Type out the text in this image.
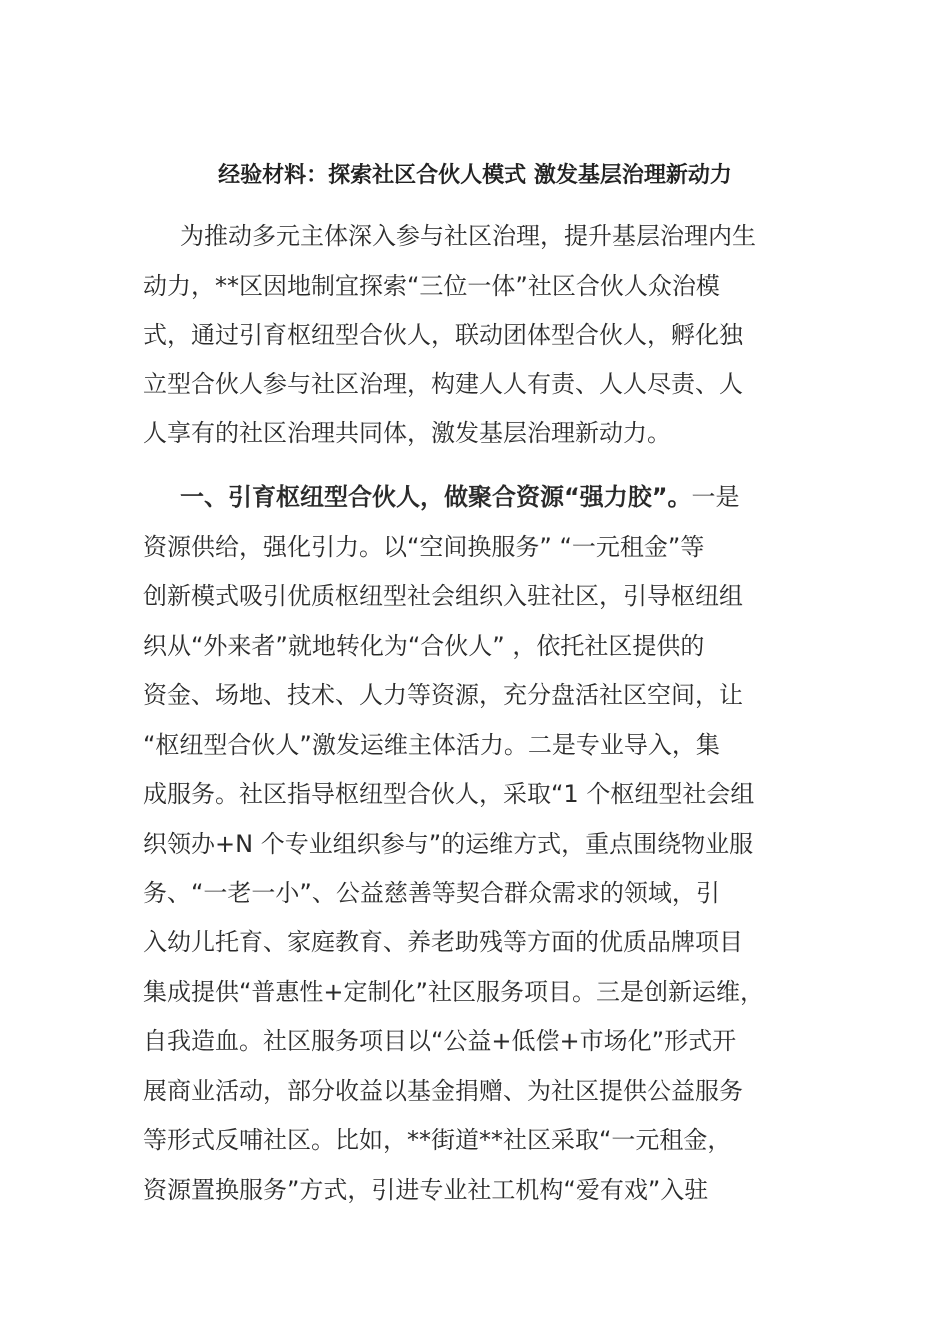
经验材料：探索社区合伙人模式 激发基层治理新动力
为推动多元主体深入参与社区治理，提升基层治理内生
动力，**区因地制宜探索“三位一体”社区合伙人众治模
式，通过引育枢纽型合伙人，联动团体型合伙人，孵化独
立型合伙人参与社区治理，构建人人有责、人人尽责、人
人享有的社区治理共同体，激发基层治理新动力。
一、引育枢纽型合伙人，做聚合资源“强力胶”。一是
资源供给，强化引力。以“空间换服务” “一元租金”等
创新模式吸引优质枢纽型社会组织入驻社区，引导枢纽组
织从“外来者”就地转化为“合伙人” ，依托社区提供的
资金、场地、技术、人力等资源，充分盘活社区空间，让
“枢纽型合伙人”激发运维主体活力。二是专业导入，集
成服务。社区指导枢纽型合伙人，采取“1 个枢纽型社会组
织领办+N 个专业组织参与”的运维方式，重点围绕物业服
务、“一老一小”、公益慈善等契合群众需求的领域，引
入幼儿托育、家庭教育、养老助残等方面的优质品牌项目
集成提供“普惠性+定制化”社区服务项目。三是创新运维，
自我造血。社区服务项目以“公益+低偿+市场化”形式开
展商业活动，部分收益以基金捐赠、为社区提供公益服务
等形式反哺社区。比如，**街道**社区采取“一元租金，
资源置换服务”方式，引进专业社工机构“爱有戏”入驻
